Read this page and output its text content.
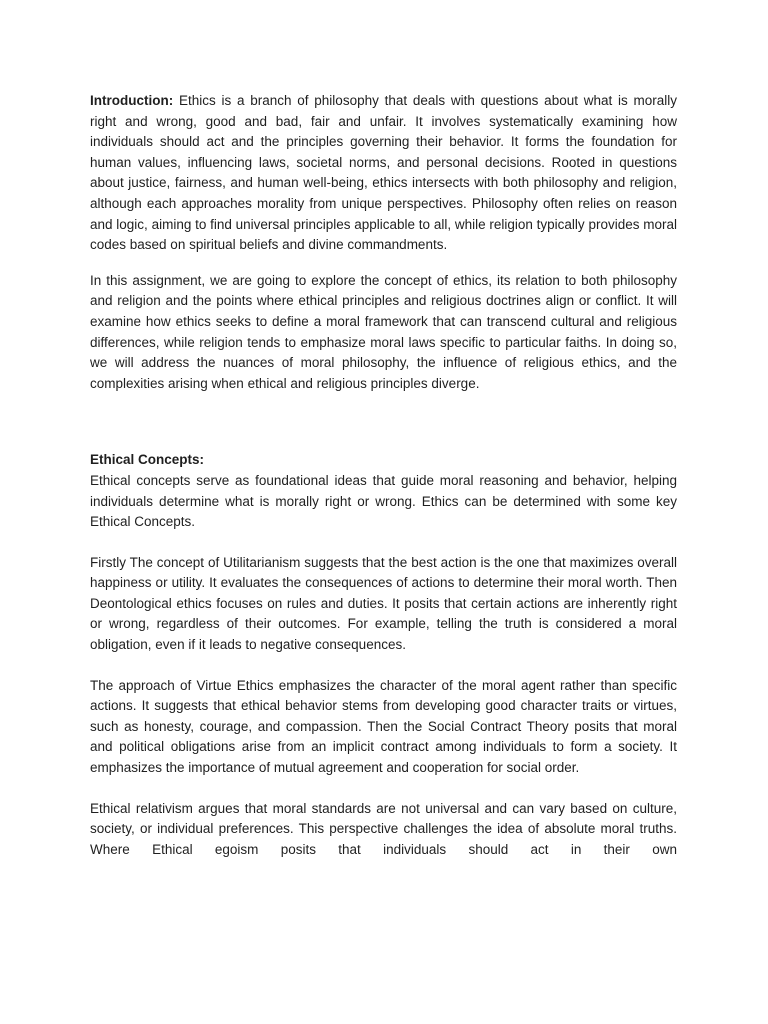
Introduction: Ethics is a branch of philosophy that deals with questions about what is morally right and wrong, good and bad, fair and unfair. It involves systematically examining how individuals should act and the principles governing their behavior. It forms the foundation for human values, influencing laws, societal norms, and personal decisions. Rooted in questions about justice, fairness, and human well-being, ethics intersects with both philosophy and religion, although each approaches morality from unique perspectives. Philosophy often relies on reason and logic, aiming to find universal principles applicable to all, while religion typically provides moral codes based on spiritual beliefs and divine commandments.

In this assignment, we are going to explore the concept of ethics, its relation to both philosophy and religion and the points where ethical principles and religious doctrines align or conflict. It will examine how ethics seeks to define a moral framework that can transcend cultural and religious differences, while religion tends to emphasize moral laws specific to particular faiths. In doing so, we will address the nuances of moral philosophy, the influence of religious ethics, and the complexities arising when ethical and religious principles diverge.

Ethical Concepts:

Ethical concepts serve as foundational ideas that guide moral reasoning and behavior, helping individuals determine what is morally right or wrong. Ethics can be determined with some key Ethical Concepts.

Firstly The concept of Utilitarianism suggests that the best action is the one that maximizes overall happiness or utility. It evaluates the consequences of actions to determine their moral worth. Then Deontological ethics focuses on rules and duties. It posits that certain actions are inherently right or wrong, regardless of their outcomes. For example, telling the truth is considered a moral obligation, even if it leads to negative consequences.

The approach of Virtue Ethics emphasizes the character of the moral agent rather than specific actions. It suggests that ethical behavior stems from developing good character traits or virtues, such as honesty, courage, and compassion. Then the Social Contract Theory posits that moral and political obligations arise from an implicit contract among individuals to form a society. It emphasizes the importance of mutual agreement and cooperation for social order.

Ethical relativism argues that moral standards are not universal and can vary based on culture, society, or individual preferences. This perspective challenges the idea of absolute moral truths. Where Ethical egoism posits that individuals should act in their own
